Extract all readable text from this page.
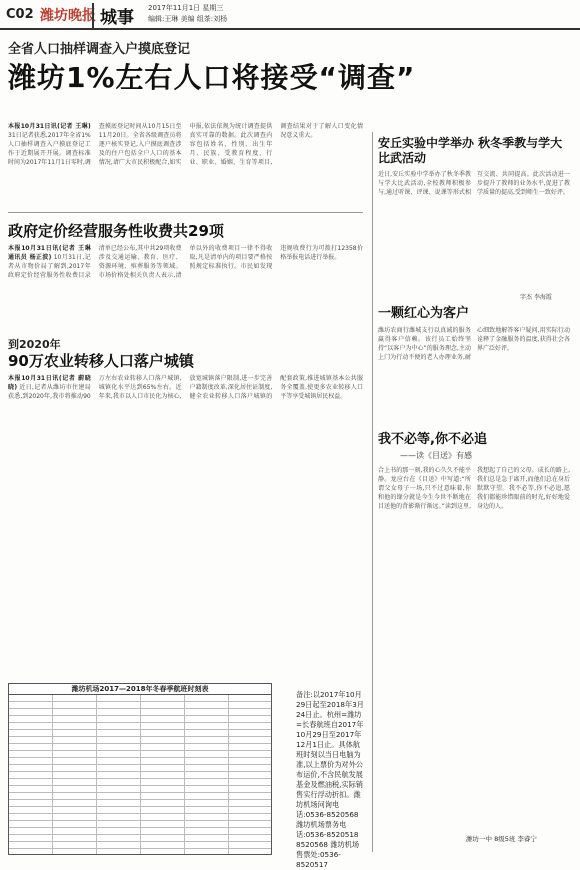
C02 潍坊晚报 城事 2017年11月1日 星期三
编辑:王琳 美编 组茶:刘杨
全省人口抽样调查入户摸底登记
潍坊1%左右人口将接受“调查”
本报10月31日讯(记者 王琳) 31日记者获悉,2017年全省1%人口抽样调查入户摸底登记工作于近期展开开展。调查标准时间为2017年11月1日零时,调查摸底登记时间从10月15日至11月20日。全省各级调查员将逐户核实登记,入户摸底调查涉及的住户包括全户人口的基本情况,请广大市民积极配合,如实申报,依法依规为统计调查提供真实可靠的数据。此次调查内容包括姓名、性别、出生年月、民族、受教育程度、行业、职业、婚姻、生育等项目,调查结果对于了解人口变化情况意义重大。
政府定价经营服务性收费共29项
本报10月31日讯(记者 王琳 通讯员 杨正波) 10月31日,记者从市物价局了解到,2017年政府定价经营服务性收费目录清单已经公布,其中共29项收费涉及交通运输、教育、医疗、资源环境、殡葬服务等领域。市场价格处相关负责人表示,清单以外的收费项目一律不得收取,凡是清单内的项目要严格按照规定标准执行。市民如发现违规收费行为可拨打12358价格举报电话进行举报。
到2020年
90万农业转移人口落户城镇
本报10月31日讯(记者 蔚晓晓) 近日,记者从潍坊市住建局获悉,到2020年,我市将推动90万左右农业转移人口落户城镇,城镇化水平达到65%左右。近年来,我市以人口市民化为核心,放宽城镇落户限制,进一步完善户籍制度改革,深化居住证制度,健全农业转移人口落户城镇的配套政策,推进城镇基本公共服务全覆盖,使更多农业转移人口平等享受城镇居民权益。
安丘实验中学举办 秋冬季教与学大比武活动
近日,安丘实验中学举办了秋冬季教与学大比武活动,全校教师积极参与,通过听课、评课、说课等形式相互交流、共同提高。此次活动进一步提升了教师的业务水平,促进了教学质量的提高,受到师生一致好评。
字杰 李海霞
一颗红心为客户
潍坊农商行潍城支行以真诚的服务赢得客户信赖。该行员工始终坚持“以客户为中心”的服务理念,主动上门为行动不便的老人办理业务,耐心细致地解答客户疑问,用实际行动诠释了金融服务的温度,获得社会各界广泛好评。
我不必等,你不必追
——读《目送》有感
合上书的那一刻,我的心久久不能平静。龙应台在《目送》中写道:“所谓父女母子一场,只不过意味着,你和他的缘分就是今生今世不断地在目送他的背影渐行渐远。”读到这里,我想起了自己的父母。成长的路上,我们总是急于离开,而他们总在身后默默守望。我不必等,你不必追,愿我们都能珍惜眼前的时光,好好地爱身边的人。
潍坊一中 8级5班 李睿宁
潍坊机场2017—2018年冬春季航班时刻表
备注:以2017年10月29日起至2018年3月24日止。杭州=潍坊=长春航班自2017年10月29日至2017年12月1日止。具体航班时刻以当日电脑为准,以上票价为对外公布运价,不含民航发展基金及燃油税,实际销售实行浮动折扣。潍坊机场问询电话:0536-8520568 潍坊机场票务电话:0536-8520518 8520568 潍坊机场售票处:0536-8520517
